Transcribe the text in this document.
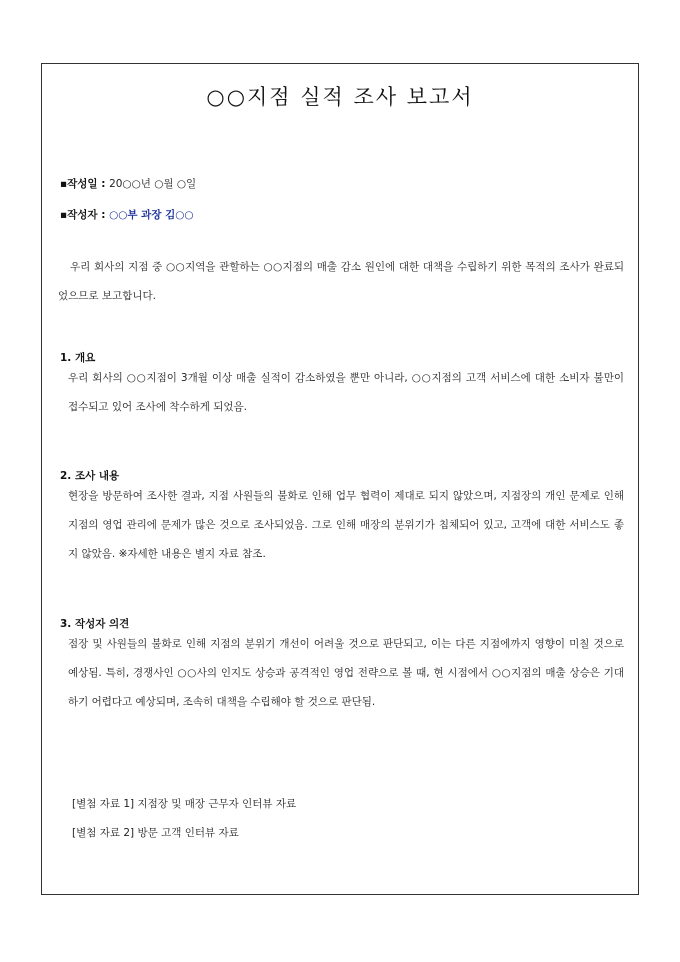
○○지점 실적 조사 보고서
▪작성일 : 20○○년 ○월 ○일
▪작성자 : ○○부 과장 김○○
우리 회사의 지점 중 ○○지역을 관할하는 ○○지점의 매출 감소 원인에 대한 대책을 수립하기 위한 목적의 조사가 완료되었으므로 보고합니다.
1. 개요
우리 회사의 ○○지점이 3개월 이상 매출 실적이 감소하였을 뿐만 아니라, ○○지점의 고객 서비스에 대한 소비자 불만이 접수되고 있어 조사에 착수하게 되었음.
2. 조사 내용
현장을 방문하여 조사한 결과, 지점 사원들의 불화로 인해 업무 협력이 제대로 되지 않았으며, 지점장의 개인 문제로 인해 지점의 영업 관리에 문제가 많은 것으로 조사되었음. 그로 인해 매장의 분위기가 침체되어 있고, 고객에 대한 서비스도 좋지 않았음. ※자세한 내용은 별지 자료 참조.
3. 작성자 의견
점장 및 사원들의 불화로 인해 지점의 분위기 개선이 어려울 것으로 판단되고, 이는 다른 지점에까지 영향이 미칠 것으로 예상됨. 특히, 경쟁사인 ○○사의 인지도 상승과 공격적인 영업 전략으로 볼 때, 현 시점에서 ○○지점의 매출 상승은 기대하기 어렵다고 예상되며, 조속히 대책을 수립해야 할 것으로 판단됨.
[별첨 자료 1] 지점장 및 매장 근무자 인터뷰 자료
[별첨 자료 2] 방문 고객 인터뷰 자료
